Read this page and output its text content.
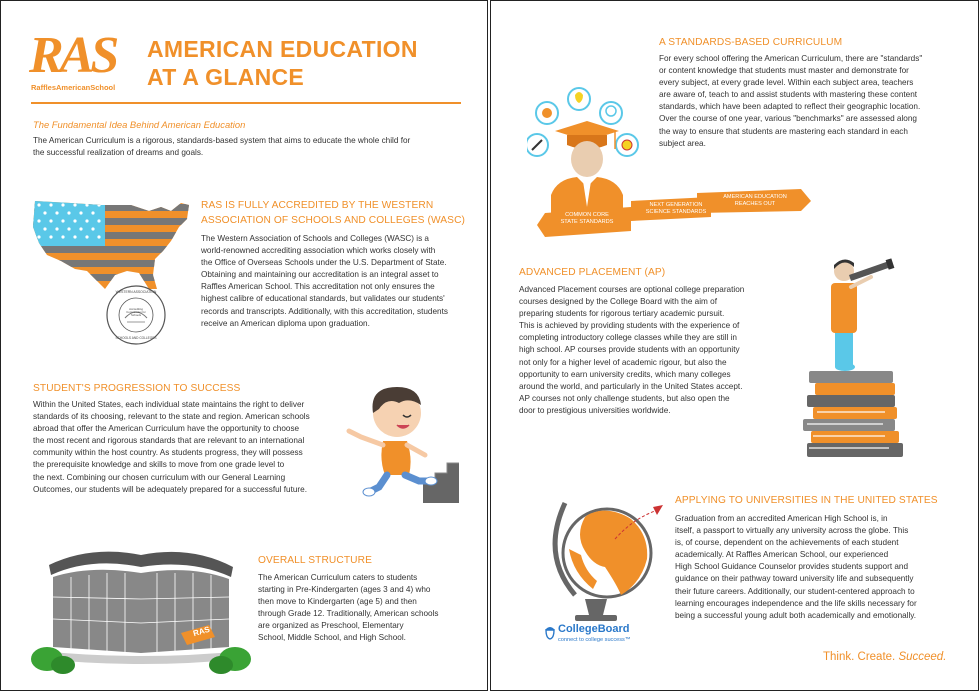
RAS
RafflesAmericanSchool
AMERICAN EDUCATION
AT A GLANCE
The Fundamental Idea Behind American Education
The American Curriculum is a rigorous, standards-based system that aims to educate the whole child for
the successful realization of dreams and goals.
WESTERN ASSOCIATION
Accrediting Commission for Schools
SCHOOLS AND COLLEGES
RAS IS FULLY ACCREDITED BY THE WESTERN
ASSOCIATION OF SCHOOLS AND COLLEGES (WASC)
The Western Association of Schools and Colleges (WASC) is a
world-renowned accrediting association which works closely with
the Office of Overseas Schools under the U.S. Department of State.
Obtaining and maintaining our accreditation is an integral asset to
Raffles American School. This accreditation not only ensures the
highest calibre of educational standards, but validates our students'
records and transcripts. Additionally, with this accreditation, students
receive an American diploma upon graduation.
STUDENT'S PROGRESSION TO SUCCESS
Within the United States, each individual state maintains the right to deliver
standards of its choosing, relevant to the state and region. American schools
abroad that offer the American Curriculum have the opportunity to choose
the most recent and rigorous standards that are relevant to an international
community within the host country. As students progress, they will possess
the prerequisite knowledge and skills to move from one grade level to
the next. Combining our chosen curriculum with our General Learning
Outcomes, our students will be adequately prepared for a successful future.
RAS
OVERALL STRUCTURE
The American Curriculum caters to students
starting in Pre-Kindergarten (ages 3 and 4) who
then move to Kindergarten (age 5) and then
through Grade 12. Traditionally, American schools
are organized as Preschool, Elementary
School, Middle School, and High School.
COMMON CORE
STATE STANDARDS
NEXT GENERATION
SCIENCE STANDARDS
AMERICAN EDUCATION
REACHES OUT
A STANDARDS-BASED CURRICULUM
For every school offering the American Curriculum, there are "standards"
or content knowledge that students must master and demonstrate for
every subject, at every grade level. Within each subject area, teachers
are aware of, teach to and assist students with mastering these content
standards, which have been adapted to reflect their geographic location.
Over the course of one year, various "benchmarks" are assessed along
the way to ensure that students are mastering each standard in each
subject area.
ADVANCED PLACEMENT (AP)
Advanced Placement courses are optional college preparation
courses designed by the College Board with the aim of
preparing students for rigorous tertiary academic pursuit.
This is achieved by providing students with the experience of
completing introductory college classes while they are still in
high school. AP courses provide students with an opportunity
not only for a higher level of academic rigour, but also the
opportunity to earn university credits, which many colleges
around the world, and particularly in the United States accept.
AP courses not only challenge students, but also open the
door to prestigious universities worldwide.
APPLYING TO UNIVERSITIES IN THE UNITED STATES
Graduation from an accredited American High School is, in
itself, a passport to virtually any university across the globe. This
is, of course, dependent on the achievements of each student
academically. At Raffles American School, our experienced
High School Guidance Counselor provides students support and
guidance on their pathway toward university life and subsequently
their future careers. Additionally, our student-centered approach to
learning encourages independence and the life skills necessary for
being a successful young adult both academically and emotionally.
CollegeBoard
connect to college success™
Think. Create. Succeed.
